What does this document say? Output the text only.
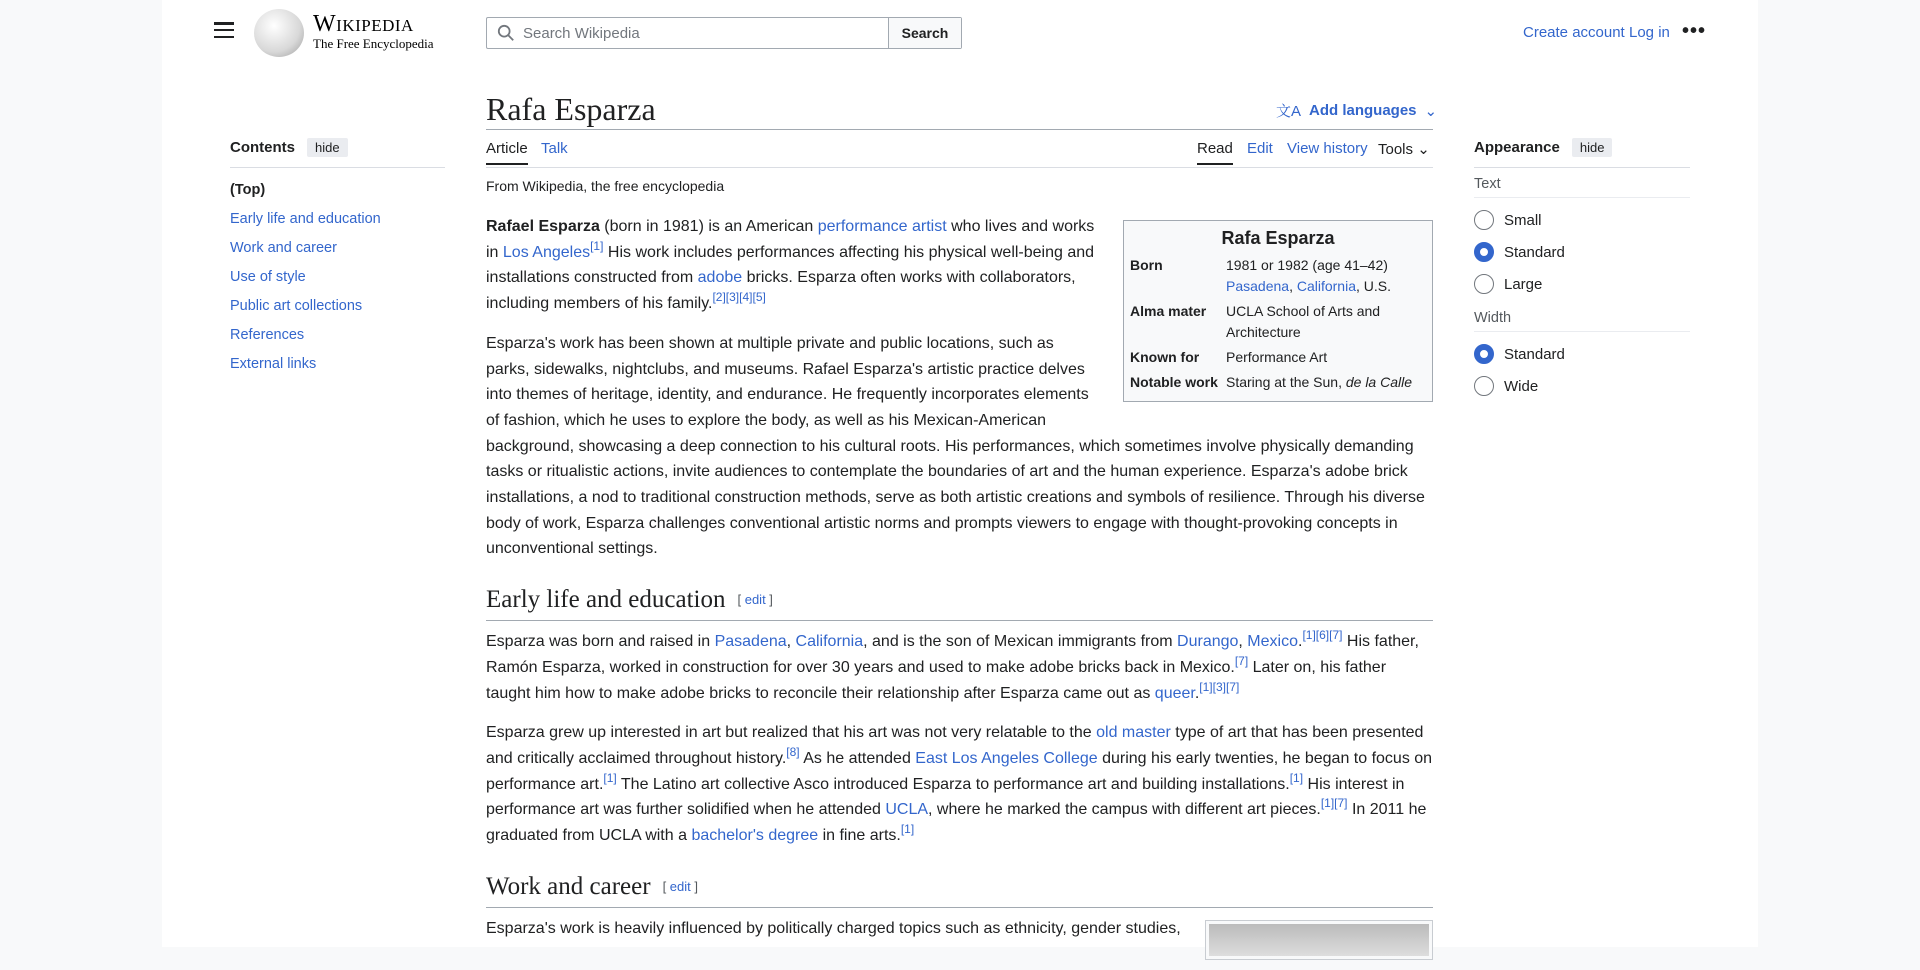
Wikipedia
The Free Encyclopedia
Search Wikipedia	Search	Create account Log in •••
Rafa Esparza	文A Add languages ⌄
Article Talk	Read Edit View history Tools ⌄
From Wikipedia, the free encyclopedia
Contents	hide
(Top)
Early life and education
Work and career
Use of style
Public art collections
References
External links
Appearance	hide
Text
Small
Standard
Large
Width
Standard
Wide
Rafa Esparza
Born	1981 or 1982 (age 41–42)
Pasadena, California, U.S.
Alma mater	UCLA School of Arts and Architecture
Known for	Performance Art
Notable work	Staring at the Sun, de la Calle

Rafael Esparza (born in 1981) is an American performance artist who lives and works in Los Angeles[1] His work includes performances affecting his physical well-being and installations constructed from adobe bricks. Esparza often works with collaborators, including members of his family.[2][3][4][5]

Esparza's work has been shown at multiple private and public locations, such as parks, sidewalks, nightclubs, and museums. Rafael Esparza's artistic practice delves into themes of heritage, identity, and endurance. He frequently incorporates elements of fashion, which he uses to explore the body, as well as his Mexican-American background, showcasing a deep connection to his cultural roots. His performances, which sometimes involve physically demanding tasks or ritualistic actions, invite audiences to contemplate the boundaries of art and the human experience. Esparza's adobe brick installations, a nod to traditional construction methods, serve as both artistic creations and symbols of resilience. Through his diverse body of work, Esparza challenges conventional artistic norms and prompts viewers to engage with thought-provoking concepts in unconventional settings.

Early life and education [ edit ]

Esparza was born and raised in Pasadena, California, and is the son of Mexican immigrants from Durango, Mexico.[1][6][7] His father, Ramón Esparza, worked in construction for over 30 years and used to make adobe bricks back in Mexico.[7] Later on, his father taught him how to make adobe bricks to reconcile their relationship after Esparza came out as queer.[1][3][7]

Esparza grew up interested in art but realized that his art was not very relatable to the old master type of art that has been presented and critically acclaimed throughout history.[8] As he attended East Los Angeles College during his early twenties, he began to focus on performance art.[1] The Latino art collective Asco introduced Esparza to performance art and building installations.[1] His interest in performance art was further solidified when he attended UCLA, where he marked the campus with different art pieces.[1][7] In 2011 he graduated from UCLA with a bachelor's degree in fine arts.[1]

Work and career [ edit ]

Esparza's work is heavily influenced by politically charged topics such as ethnicity, gender studies,
